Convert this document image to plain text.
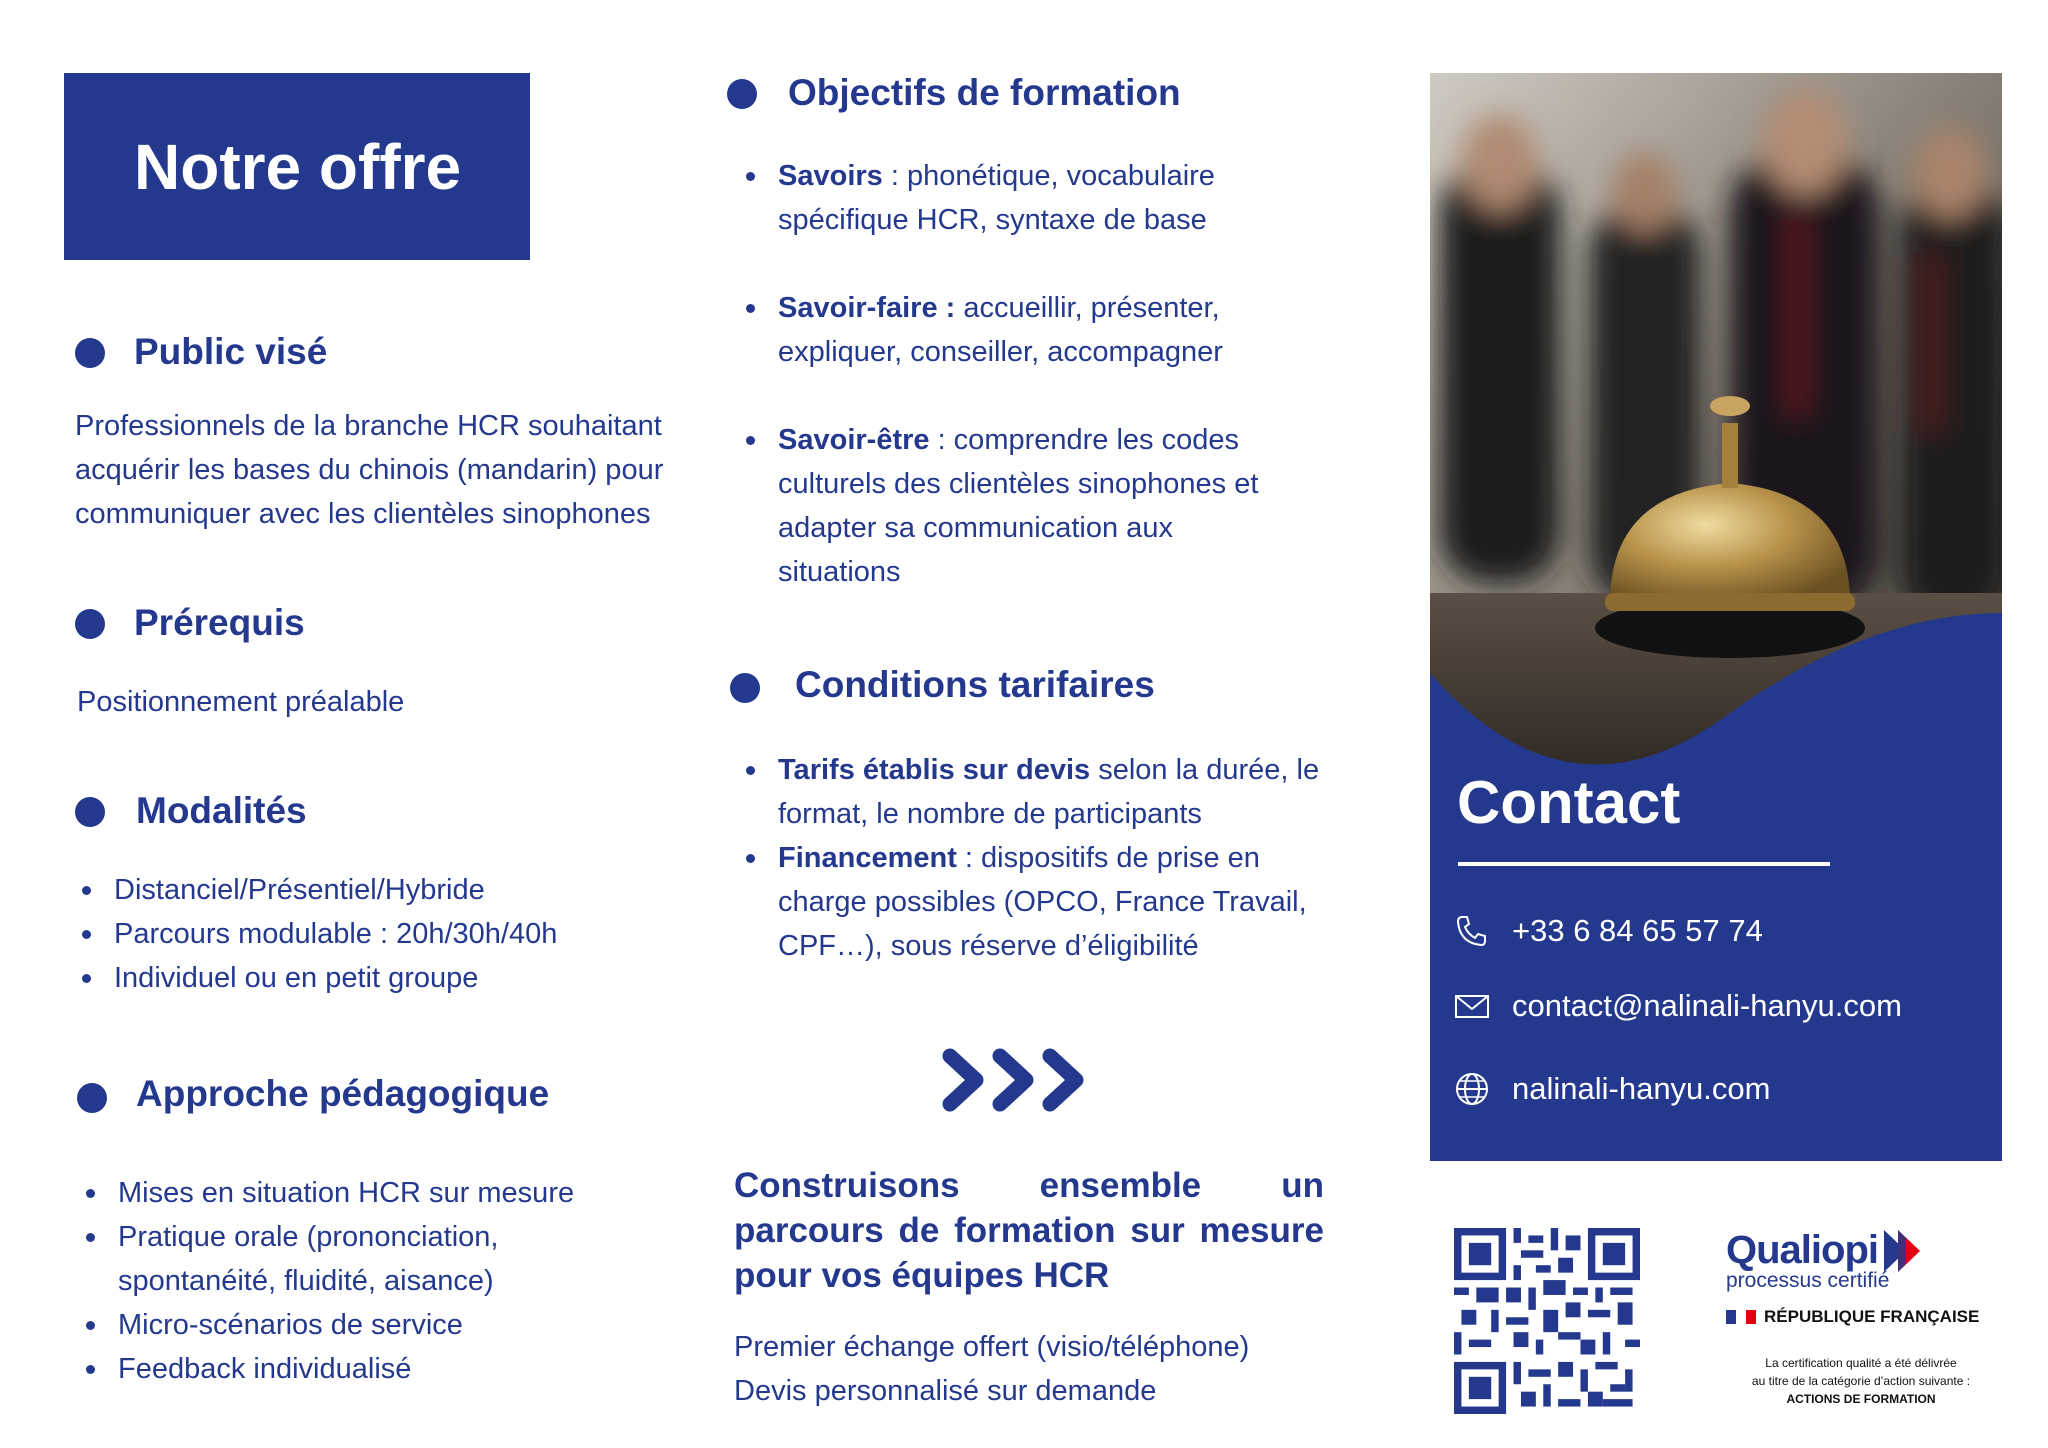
Notre offre
Public visé
Professionnels de la branche HCR souhaitant
acquérir les bases du chinois (mandarin) pour
communiquer avec les clientèles sinophones
Prérequis
Positionnement préalable
Modalités
Distanciel/Présentiel/Hybride
Parcours modulable : 20h/30h/40h
Individuel ou en petit groupe
Approche pédagogique
Mises en situation HCR sur mesure
Pratique orale (prononciation,
spontanéité, fluidité, aisance)
Micro-scénarios de service
Feedback individualisé
Objectifs de formation
Savoirs : phonétique, vocabulaire
spécifique HCR, syntaxe de base
Savoir-faire : accueillir, présenter,
expliquer, conseiller, accompagner
Savoir-être : comprendre les codes
culturels des clientèles sinophones et
adapter sa communication aux
situations
Conditions tarifaires
Tarifs établis sur devis selon la durée, le
format, le nombre de participants
Financement : dispositifs de prise en
charge possibles (OPCO, France Travail,
CPF…), sous réserve d’éligibilité
Construisons ensemble un parcours de formation sur mesure pour vos équipes HCR
Premier échange offert (visio/téléphone)
Devis personnalisé sur demande
Contact
+33 6 84 65 57 74
contact@nalinali-hanyu.com
nalinali-hanyu.com
Qualiopi
processus certifié
RÉPUBLIQUE FRANÇAISE
La certification qualité a été délivrée
au titre de la catégorie d’action suivante :
ACTIONS DE FORMATION
